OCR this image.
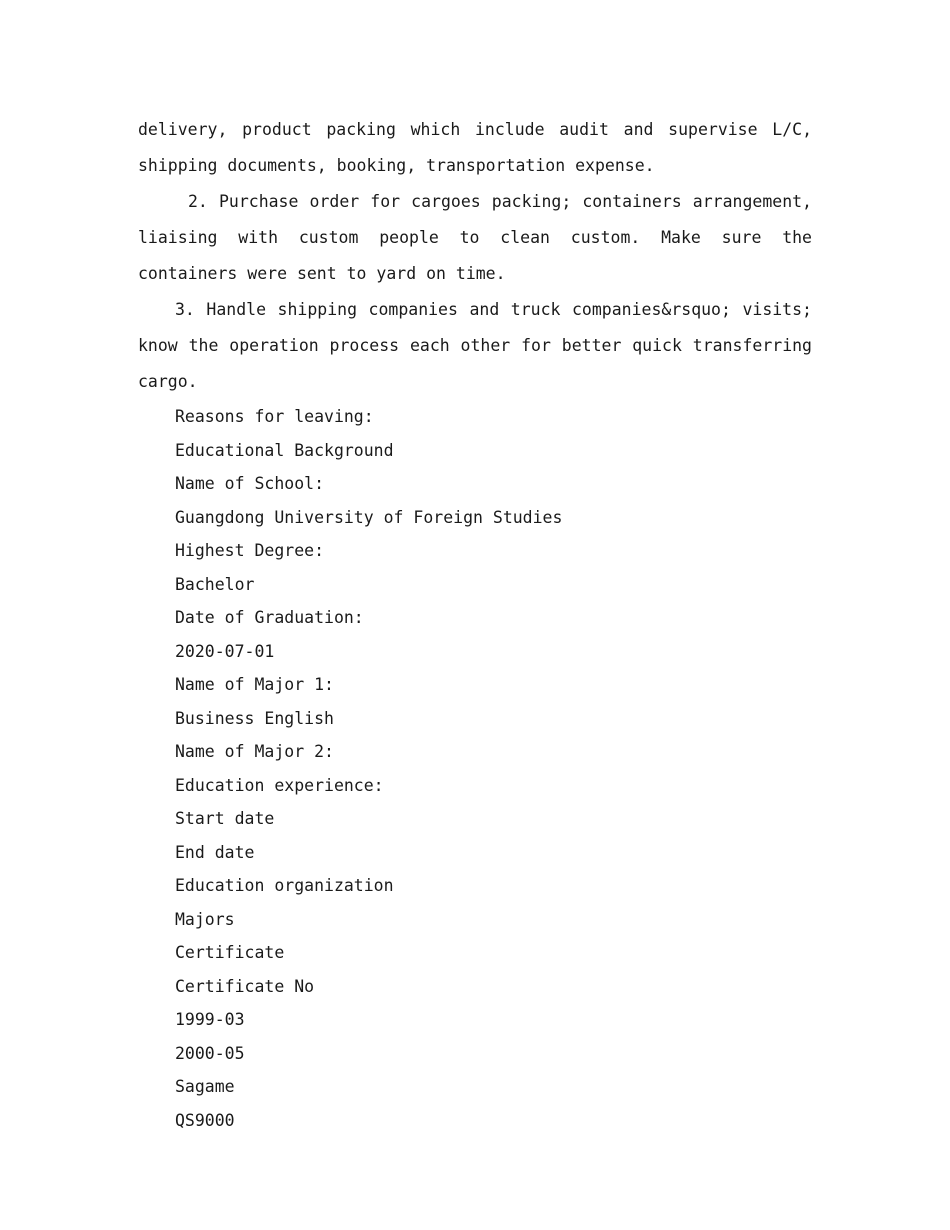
delivery, product packing which include audit and supervise L/C, shipping documents, booking, transportation expense.

2. Purchase order for cargoes packing; containers arrangement, liaising with custom people to clean custom. Make sure the containers were sent to yard on time.

3. Handle shipping companies and truck companies&rsquo; visits; know the operation process each other for better quick transferring cargo.

Reasons for leaving:
Educational Background
Name of School:
Guangdong University of Foreign Studies
Highest Degree:
Bachelor
Date of Graduation:
2020-07-01
Name of Major 1:
Business English
Name of Major 2:
Education experience:
Start date
End date
Education organization
Majors
Certificate
Certificate No
1999-03
2000-05
Sagame
QS9000
